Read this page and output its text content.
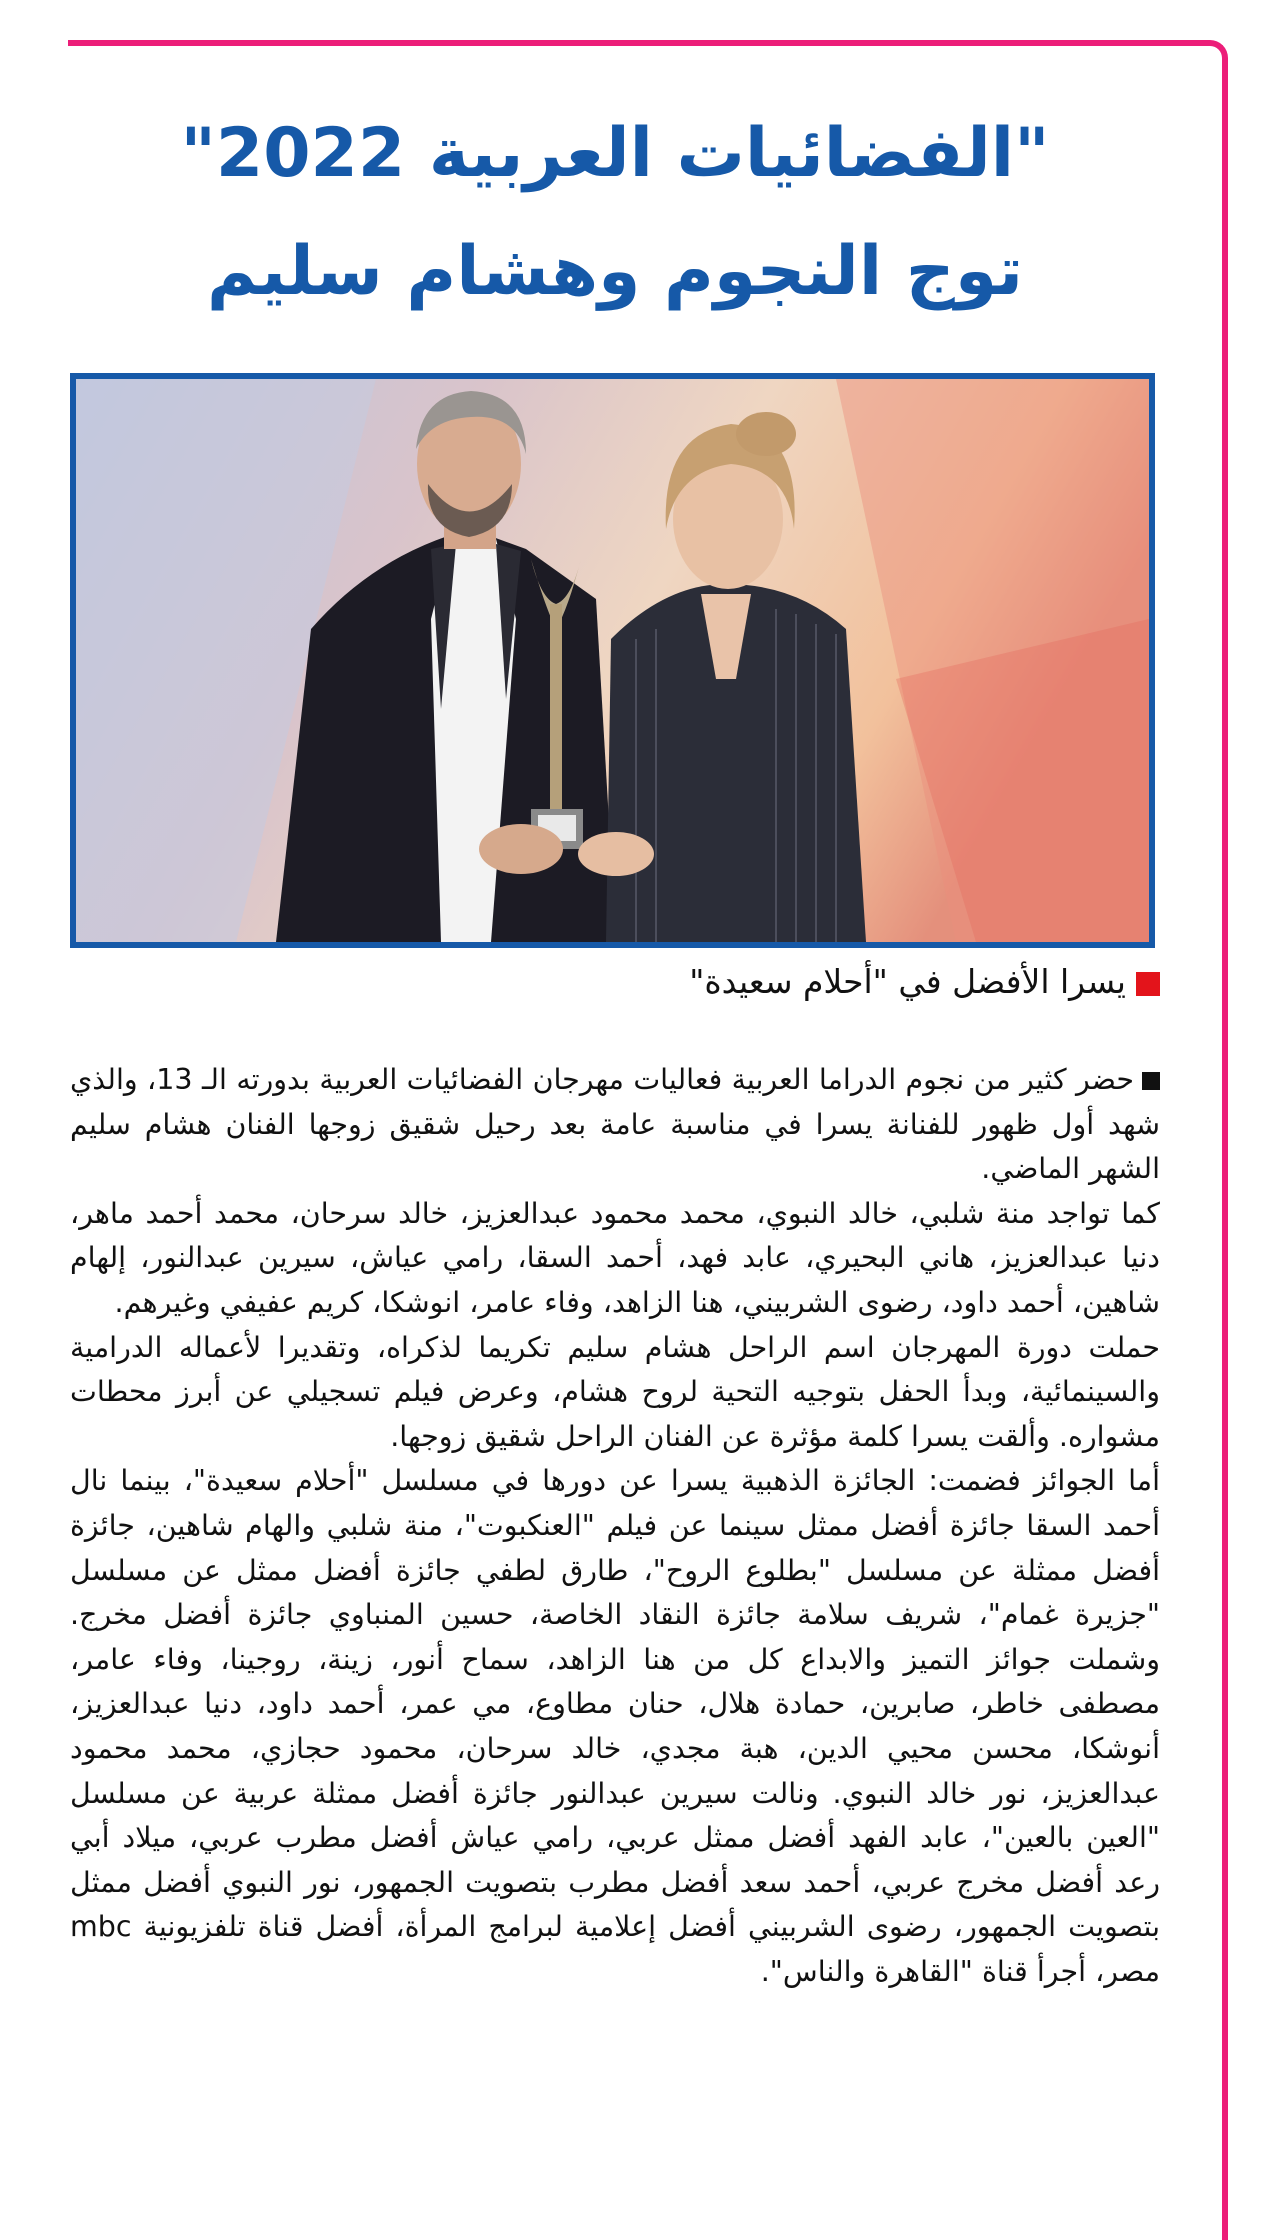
"الفضائيات العربية 2022"
توج النجوم وهشام سليم
يسرا الأفضل في "أحلام سعيدة"

حضر كثير من نجوم الدراما العربية فعاليات مهرجان الفضائيات العربية بدورته الـ 13، والذي شهد أول ظهور للفنانة يسرا في مناسبة عامة بعد رحيل شقيق زوجها الفنان هشام سليم الشهر الماضي.

كما تواجد منة شلبي، خالد النبوي، محمد محمود عبدالعزيز، خالد سرحان، محمد أحمد ماهر، دنيا عبدالعزيز، هاني البحيري، عابد فهد، أحمد السقا، رامي عياش، سيرين عبدالنور، إلهام شاهين، أحمد داود، رضوى الشربيني، هنا الزاهد، وفاء عامر، انوشكا، كريم عفيفي وغيرهم.

حملت دورة المهرجان اسم الراحل هشام سليم تكريما لذكراه، وتقديرا لأعماله الدرامية والسينمائية، وبدأ الحفل بتوجيه التحية لروح هشام، وعرض فيلم تسجيلي عن أبرز محطات مشواره. وألقت يسرا كلمة مؤثرة عن الفنان الراحل شقيق زوجها.

أما الجوائز فضمت: الجائزة الذهبية يسرا عن دورها في مسلسل "أحلام سعيدة"، بينما نال أحمد السقا جائزة أفضل ممثل سينما عن فيلم "العنكبوت"، منة شلبي والهام شاهين، جائزة أفضل ممثلة عن مسلسل "بطلوع الروح"، طارق لطفي جائزة أفضل ممثل عن مسلسل "جزيرة غمام"، شريف سلامة جائزة النقاد الخاصة، حسين المنباوي جائزة أفضل مخرج. وشملت جوائز التميز والابداع كل من هنا الزاهد، سماح أنور، زينة، روجينا، وفاء عامر، مصطفى خاطر، صابرين، حمادة هلال، حنان مطاوع، مي عمر، أحمد داود، دنيا عبدالعزيز، أنوشكا، محسن محيي الدين، هبة مجدي، خالد سرحان، محمود حجازي، محمد محمود عبدالعزيز، نور خالد النبوي. ونالت سيرين عبدالنور جائزة أفضل ممثلة عربية عن مسلسل "العين بالعين"، عابد الفهد أفضل ممثل عربي، رامي عياش أفضل مطرب عربي، ميلاد أبي رعد أفضل مخرج عربي، أحمد سعد أفضل مطرب بتصويت الجمهور، نور النبوي أفضل ممثل بتصويت الجمهور، رضوى الشربيني أفضل إعلامية لبرامج المرأة، أفضل قناة تلفزيونية mbc مصر، أجرأ قناة "القاهرة والناس".
